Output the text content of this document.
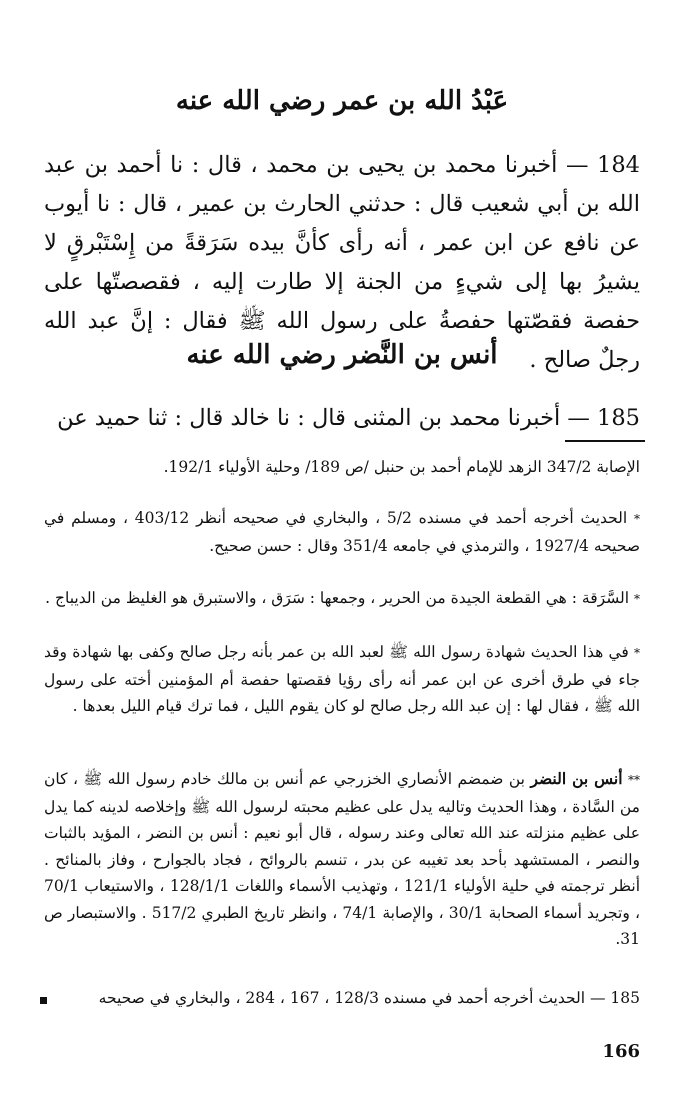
عَبْدُ الله بن عمر رضي الله عنه
184 — أخبرنا محمد بن يحيى بن محمد ، قال : نا أحمد بن عبد الله بن أبي شعيب قال : حدثني الحارث بن عمير ، قال : نا أيوب عن نافع عن ابن عمر ، أنه رأى كأنَّ بيده سَرَقةً من إِسْتَبْرقٍ لا يشيرُ بها إلى شيءٍ من الجنة إلا طارت إليه ، فقصصتّها على حفصة فقصّتها حفصةُ على رسول الله ﷺ فقال : إنَّ عبد الله رجلٌ صالح .
أنس بن النَّضر رضي الله عنه
185 — أخبرنا محمد بن المثنى قال : نا خالد قال : ثنا حميد عن
الإصابة 347/2 الزهد للإمام أحمد بن حنبل /ص 189/ وحلية الأولياء 192/1.
* الحديث أخرجه أحمد في مسنده 5/2 ، والبخاري في صحيحه أنظر 403/12 ، ومسلم في صحيحه 1927/4 ، والترمذي في جامعه 351/4 وقال : حسن صحيح.
* السَّرَقة : هي القطعة الجيدة من الحرير ، وجمعها : سَرَق ، والاستبرق هو الغليظ من الديباج .
* في هذا الحديث شهادة رسول الله ﷺ لعبد الله بن عمر بأنه رجل صالح وكفى بها شهادة وقد جاء في طرق أخرى عن ابن عمر أنه رأى رؤيا فقصتها حفصة أم المؤمنين أخته على رسول الله ﷺ ، فقال لها : إن عبد الله رجل صالح لو كان يقوم الليل ، فما ترك قيام الليل بعدها .
** أنس بن النضر بن ضمضم الأنصاري الخزرجي عم أنس بن مالك خادم رسول الله ﷺ ، كان من السَّادة ، وهذا الحديث وتاليه يدل على عظيم محبته لرسول الله ﷺ وإخلاصه لدينه كما يدل على عظيم منزلته عند الله تعالى وعند رسوله ، قال أبو نعيم : أنس بن النضر ، المؤيد بالثبات والنصر ، المستشهد بأحد بعد تغيبه عن بدر ، تنسم بالروائح ، فجاد بالجوارح ، وفاز بالمنائح . أنظر ترجمته في حلية الأولياء 121/1 ، وتهذيب الأسماء واللغات 128/1/1 ، والاستيعاب 70/1 ، وتجريد أسماء الصحابة 30/1 ، والإصابة 74/1 ، وانظر تاريخ الطبري 517/2 . والاستبصار ص 31.
185 — الحديث أخرجه أحمد في مسنده 128/3 ، 167 ، 284 ، والبخاري في صحيحه
166
